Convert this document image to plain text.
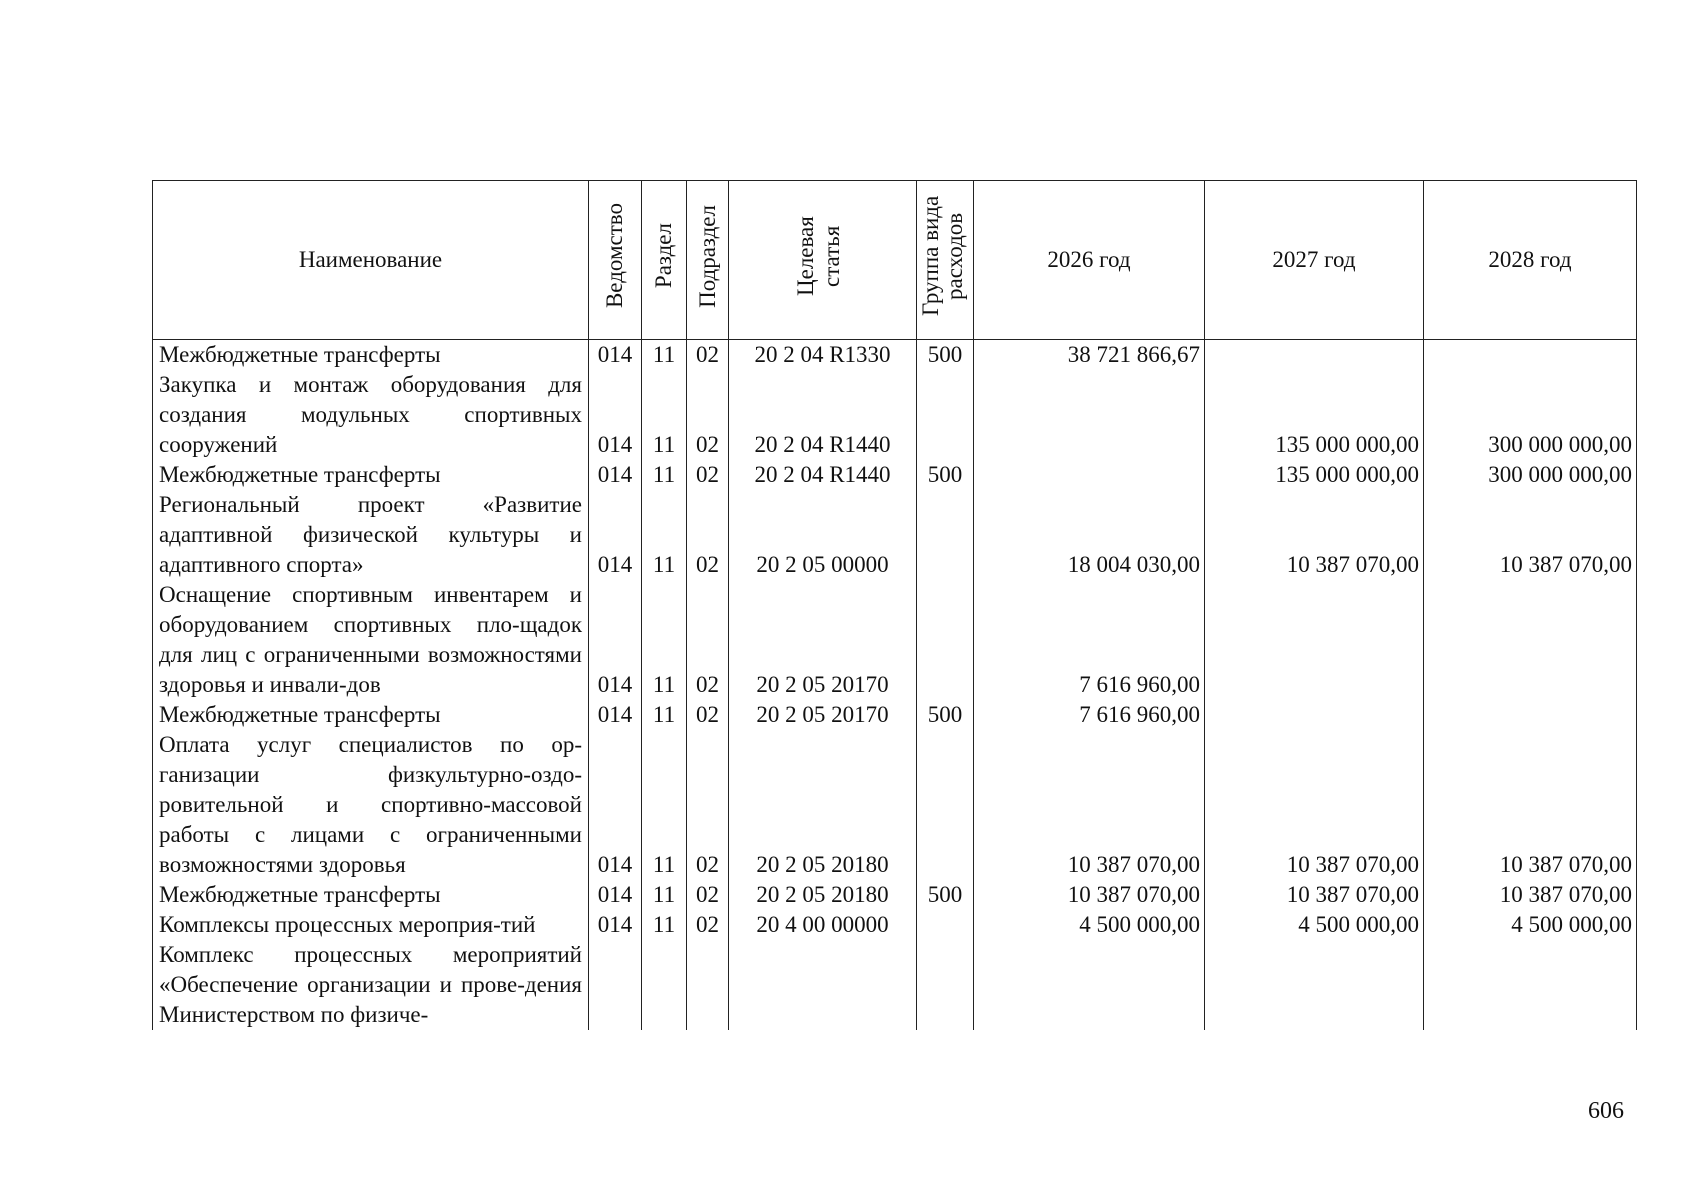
Наименование	Ведомство	Раздел	Подраздел	Целевая статья	Группа вида расходов	2026 год	2027 год	2028 год
Межбюджетные трансферты	014	11	02	20 2 04 R1330	500	38 721 866,67		
Закупка и монтаж оборудования для создания модульных спортивных сооружений	014	11	02	20 2 04 R1440			135 000 000,00	300 000 000,00
Межбюджетные трансферты	014	11	02	20 2 04 R1440	500		135 000 000,00	300 000 000,00
Региональный проект «Развитие адаптивной физической культуры и адаптивного спорта»	014	11	02	20 2 05 00000		18 004 030,00	10 387 070,00	10 387 070,00
Оснащение спортивным инвентарем и оборудованием спортивных пло-щадок для лиц с ограниченными возможностями здоровья и инвали-дов	014	11	02	20 2 05 20170		7 616 960,00		
Межбюджетные трансферты	014	11	02	20 2 05 20170	500	7 616 960,00		
Оплата услуг специалистов по ор-ганизации физкультурно-оздо-ровительной и спортивно-массовой работы с лицами с ограниченными возможностями здоровья	014	11	02	20 2 05 20180		10 387 070,00	10 387 070,00	10 387 070,00
Межбюджетные трансферты	014	11	02	20 2 05 20180	500	10 387 070,00	10 387 070,00	10 387 070,00
Комплексы процессных мероприя-тий	014	11	02	20 4 00 00000		4 500 000,00	4 500 000,00	4 500 000,00
Комплекс процессных мероприятий «Обеспечение организации и прове-дения Министерством по физиче-								
606
